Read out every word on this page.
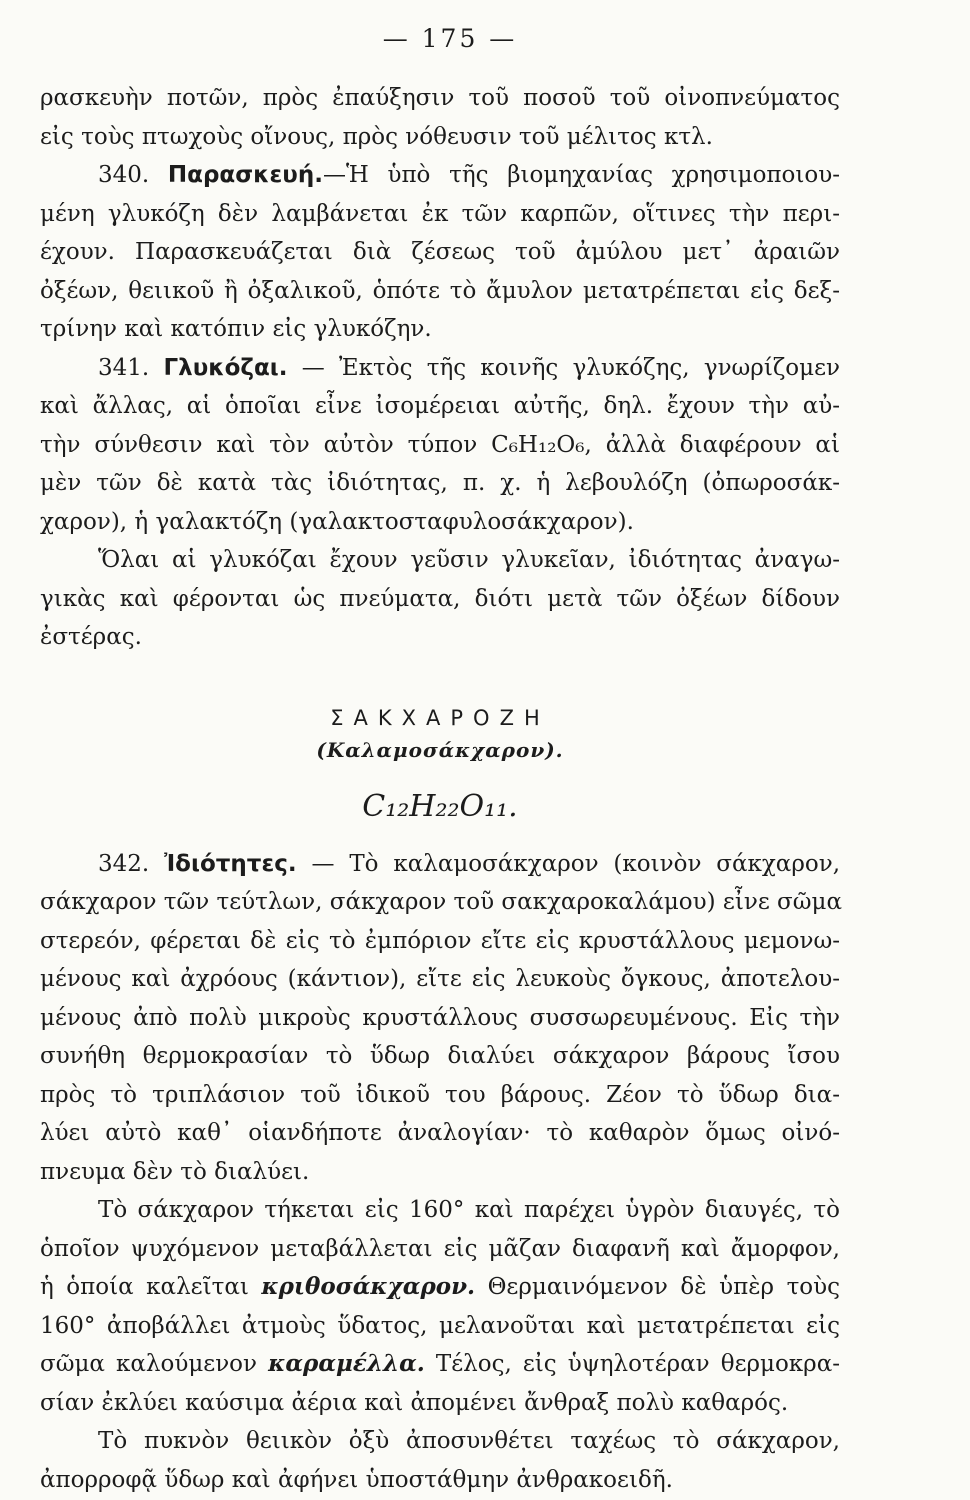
— 175 —
ρασκευὴν ποτῶν, πρὸς ἐπαύξησιν τοῦ ποσοῦ τοῦ οἰνοπνεύματος
εἰς τοὺς πτωχοὺς οἴνους, πρὸς νόθευσιν τοῦ μέλιτος κτλ.
340. Παρασκευή.—Ἡ ὑπὸ τῆς βιομηχανίας χρησιμοποιου-
μένη γλυκόζη δὲν λαμβάνεται ἐκ τῶν καρπῶν, οἵτινες τὴν περι-
έχουν. Παρασκευάζεται διὰ ζέσεως τοῦ ἀμύλου μετ᾽ ἀραιῶν
ὀξέων, θειικοῦ ἢ ὀξαλικοῦ, ὁπότε τὸ ἄμυλον μετατρέπεται εἰς δεξ-
τρίνην καὶ κατόπιν εἰς γλυκόζην.
341. Γλυκόζαι. — Ἐκτὸς τῆς κοινῆς γλυκόζης, γνωρίζομεν
καὶ ἄλλας, αἱ ὁποῖαι εἶνε ἰσομέρειαι αὐτῆς, δηλ. ἔχουν τὴν αὐ-
τὴν σύνθεσιν καὶ τὸν αὐτὸν τύπον C₆H₁₂O₆, ἀλλὰ διαφέρουν αἱ
μὲν τῶν δὲ κατὰ τὰς ἰδιότητας, π. χ. ἡ λεβουλόζη (ὀπωροσάκ-
χαρον), ἡ γαλακτόζη (γαλακτοσταφυλοσάκχαρον).
Ὅλαι αἱ γλυκόζαι ἔχουν γεῦσιν γλυκεῖαν, ἰδιότητας ἀναγω-
γικὰς καὶ φέρονται ὡς πνεύματα, διότι μετὰ τῶν ὀξέων δίδουν
ἐστέρας.
ΣΑΚΧΑΡΟΖΗ
(Καλαμοσάκχαρον).
C₁₂H₂₂O₁₁.
342. Ἰδιότητες. — Τὸ καλαμοσάκχαρον (κοινὸν σάκχαρον,
σάκχαρον τῶν τεύτλων, σάκχαρον τοῦ σακχαροκαλάμου) εἶνε σῶμα
στερεόν, φέρεται δὲ εἰς τὸ ἐμπόριον εἴτε εἰς κρυστάλλους μεμονω-
μένους καὶ ἀχρόους (κάντιον), εἴτε εἰς λευκοὺς ὄγκους, ἀποτελου-
μένους ἀπὸ πολὺ μικροὺς κρυστάλλους συσσωρευμένους. Εἰς τὴν
συνήθη θερμοκρασίαν τὸ ὕδωρ διαλύει σάκχαρον βάρους ἴσου
πρὸς τὸ τριπλάσιον τοῦ ἰδικοῦ του βάρους. Ζέον τὸ ὕδωρ δια-
λύει αὐτὸ καθ᾽ οἱανδήποτε ἀναλογίαν· τὸ καθαρὸν ὅμως οἰνό-
πνευμα δὲν τὸ διαλύει.
Τὸ σάκχαρον τήκεται εἰς 160° καὶ παρέχει ὑγρὸν διαυγές, τὸ
ὁποῖον ψυχόμενον μεταβάλλεται εἰς μᾶζαν διαφανῆ καὶ ἄμορφον,
ἡ ὁποία καλεῖται κριθοσάκχαρον. Θερμαινόμενον δὲ ὑπὲρ τοὺς
160° ἀποβάλλει ἀτμοὺς ὕδατος, μελανοῦται καὶ μετατρέπεται εἰς
σῶμα καλούμενον καραμέλλα. Τέλος, εἰς ὑψηλοτέραν θερμοκρα-
σίαν ἐκλύει καύσιμα ἀέρια καὶ ἀπομένει ἄνθραξ πολὺ καθαρός.
Τὸ πυκνὸν θειικὸν ὀξὺ ἀποσυνθέτει ταχέως τὸ σάκχαρον,
ἀπορροφᾷ ὕδωρ καὶ ἀφήνει ὑποστάθμην ἀνθρακοειδῆ.
